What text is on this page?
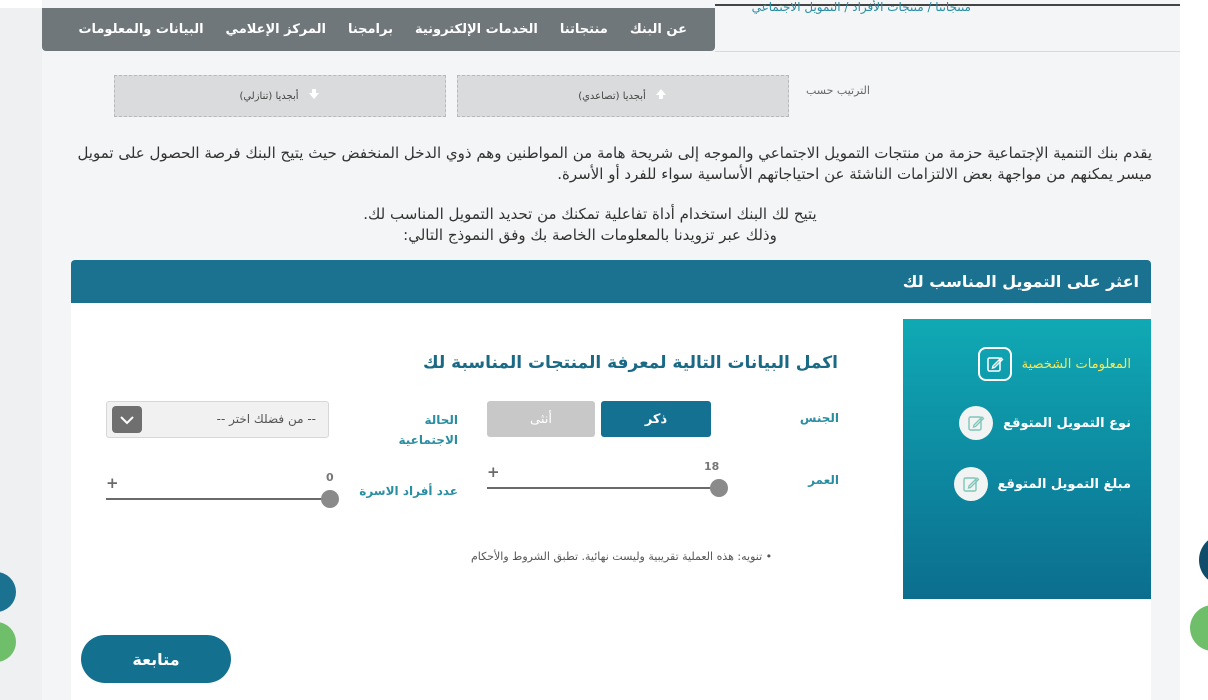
منتجاتنا / منتجات الأفراد / التمويل الاجتماعي
عن البنك
منتجاتنا
الخدمات الإلكترونية
برامجنا
المركز الإعلامي
البيانات والمعلومات
الترتيب حسب
أبجديا (تصاعدي)
أبجديا (تنازلي)

يقدم بنك التنمية الإجتماعية حزمة من منتجات التمويل الاجتماعي والموجه إلى شريحة هامة من المواطنين وهم ذوي الدخل المنخفض حيث يتيح البنك فرصة الحصول على تمويل ميسر يمكنهم من مواجهة بعض الالتزامات الناشئة عن احتياجاتهم الأساسية سواء للفرد أو الأسرة.

يتيح لك البنك استخدام أداة تفاعلية تمكنك من تحديد التمويل المناسب لك.
وذلك عبر تزويدنا بالمعلومات الخاصة بك وفق النموذج التالي:
اعثر على التمويل المناسب لك
المعلومات الشخصية
نوع التمويل المتوقع
مبلغ التمويل المتوقع
اكمل البيانات التالية لمعرفة المنتجات المناسبة لك
الجنس
ذكر
أنثى
الحالة الاجتماعية
-- من فضلك اختر --
العمر
18
+
عدد أفراد الاسرة
0
+
• تنويه: هذه العملية تقريبية وليست نهائية. تطبق الشروط والأحكام
متابعة
